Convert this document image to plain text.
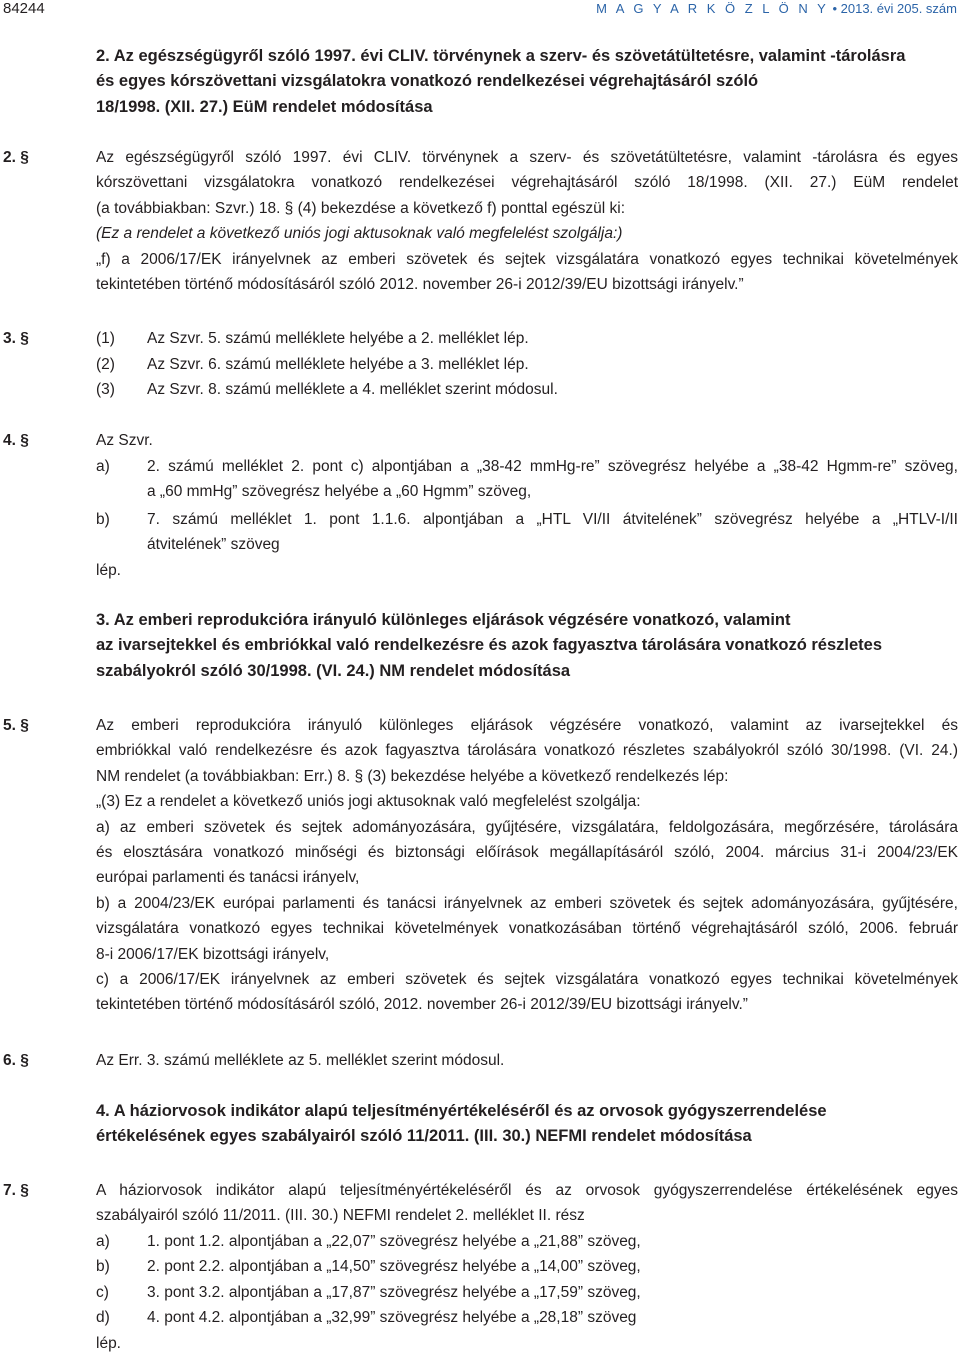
84244	M A G Y A R K Ö Z L Ö N Y • 2013. évi 205. szám
2. Az egészségügyről szóló 1997. évi CLIV. törvénynek a szerv- és szövetátültetésre, valamint -tárolásra
és egyes kórszövettani vizsgálatokra vonatkozó rendelkezései végrehajtásáról szóló
18/1998. (XII. 27.) EüM rendelet módosítása
2. §	Az egészségügyről szóló 1997. évi CLIV. törvénynek a szerv- és szövetátültetésre, valamint -tárolásra és egyes
kórszövettani vizsgálatokra vonatkozó rendelkezései végrehajtásáról szóló 18/1998. (XII. 27.) EüM rendelet
(a továbbiakban: Szvr.) 18. § (4) bekezdése a következő f) ponttal egészül ki:
(Ez a rendelet a következő uniós jogi aktusoknak való megfelelést szolgálja:)
„f) a 2006/17/EK irányelvnek az emberi szövetek és sejtek vizsgálatára vonatkozó egyes technikai követelmények
tekintetében történő módosításáról szóló 2012. november 26-i 2012/39/EU bizottsági irányelv.”
3. §	(1) Az Szvr. 5. számú melléklete helyébe a 2. melléklet lép.
(2) Az Szvr. 6. számú melléklete helyébe a 3. melléklet lép.
(3) Az Szvr. 8. számú melléklete a 4. melléklet szerint módosul.
4. §	Az Szvr.
a) 2. számú melléklet 2. pont c) alpontjában a „38-42 mmHg-re” szövegrész helyébe a „38-42 Hgmm-re” szöveg,
a „60 mmHg” szövegrész helyébe a „60 Hgmm” szöveg,
b) 7. számú melléklet 1. pont 1.1.6. alpontjában a „HTL VI/II átvitelének” szövegrész helyébe a „HTLV-I/II
átvitelének” szöveg
lép.
3. Az emberi reprodukcióra irányuló különleges eljárások végzésére vonatkozó, valamint
az ivarsejtekkel és embriókkal való rendelkezésre és azok fagyasztva tárolására vonatkozó részletes
szabályokról szóló 30/1998. (VI. 24.) NM rendelet módosítása
5. §	Az emberi reprodukcióra irányuló különleges eljárások végzésére vonatkozó, valamint az ivarsejtekkel és
embriókkal való rendelkezésre és azok fagyasztva tárolására vonatkozó részletes szabályokról szóló 30/1998. (VI. 24.)
NM rendelet (a továbbiakban: Err.) 8. § (3) bekezdése helyébe a következő rendelkezés lép:
„(3) Ez a rendelet a következő uniós jogi aktusoknak való megfelelést szolgálja:
a) az emberi szövetek és sejtek adományozására, gyűjtésére, vizsgálatára, feldolgozására, megőrzésére, tárolására
és elosztására vonatkozó minőségi és biztonsági előírások megállapításáról szóló, 2004. március 31-i 2004/23/EK
európai parlamenti és tanácsi irányelv,
b) a 2004/23/EK európai parlamenti és tanácsi irányelvnek az emberi szövetek és sejtek adományozására, gyűjtésére,
vizsgálatára vonatkozó egyes technikai követelmények vonatkozásában történő végrehajtásáról szóló, 2006. február
8-i 2006/17/EK bizottsági irányelv,
c) a 2006/17/EK irányelvnek az emberi szövetek és sejtek vizsgálatára vonatkozó egyes technikai követelmények
tekintetében történő módosításáról szóló, 2012. november 26-i 2012/39/EU bizottsági irányelv.”
6. §	Az Err. 3. számú melléklete az 5. melléklet szerint módosul.
4. A háziorvosok indikátor alapú teljesítményértékeléséről és az orvosok gyógyszerrendelése
értékelésének egyes szabályairól szóló 11/2011. (III. 30.) NEFMI rendelet módosítása
7. §	A háziorvosok indikátor alapú teljesítményértékeléséről és az orvosok gyógyszerrendelése értékelésének egyes
szabályairól szóló 11/2011. (III. 30.) NEFMI rendelet 2. melléklet II. rész
a) 1. pont 1.2. alpontjában a „22,07” szövegrész helyébe a „21,88” szöveg,
b) 2. pont 2.2. alpontjában a „14,50” szövegrész helyébe a „14,00” szöveg,
c) 3. pont 3.2. alpontjában a „17,87” szövegrész helyébe a „17,59” szöveg,
d) 4. pont 4.2. alpontjában a „32,99” szövegrész helyébe a „28,18” szöveg
lép.
